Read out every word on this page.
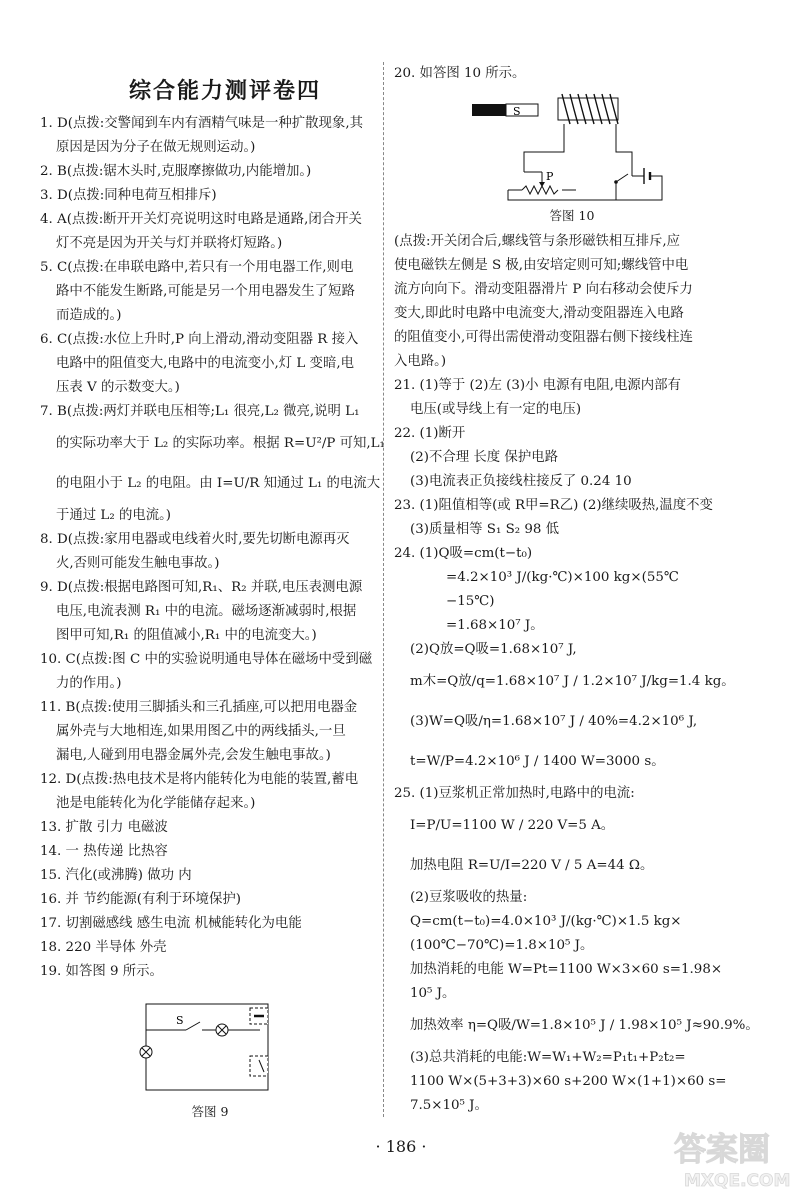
综合能力测评卷四
1. D(点拨:交警闻到车内有酒精气味是一种扩散现象,其
原因是因为分子在做无规则运动。)
2. B(点拨:锯木头时,克服摩擦做功,内能增加。)
3. D(点拨:同种电荷互相排斥)
4. A(点拨:断开开关灯亮说明这时电路是通路,闭合开关
灯不亮是因为开关与灯并联将灯短路。)
5. C(点拨:在串联电路中,若只有一个用电器工作,则电
路中不能发生断路,可能是另一个用电器发生了短路
而造成的。)
6. C(点拨:水位上升时,P 向上滑动,滑动变阻器 R 接入
电路中的阻值变大,电路中的电流变小,灯 L 变暗,电
压表 V 的示数变大。)
7. B(点拨:两灯并联电压相等;L₁ 很亮,L₂ 微亮,说明 L₁
的实际功率大于 L₂ 的实际功率。根据 R=U²/P 可知,L₁
的电阻小于 L₂ 的电阻。由 I=U/R 知通过 L₁ 的电流大
于通过 L₂ 的电流。)
8. D(点拨:家用电器或电线着火时,要先切断电源再灭
火,否则可能发生触电事故。)
9. D(点拨:根据电路图可知,R₁、R₂ 并联,电压表测电源
电压,电流表测 R₁ 中的电流。磁场逐渐减弱时,根据
图甲可知,R₁ 的阻值减小,R₁ 中的电流变大。)
10. C(点拨:图 C 中的实验说明通电导体在磁场中受到磁
力的作用。)
11. B(点拨:使用三脚插头和三孔插座,可以把用电器金
属外壳与大地相连,如果用图乙中的两线插头,一旦
漏电,人碰到用电器金属外壳,会发生触电事故。)
12. D(点拨:热电技术是将内能转化为电能的装置,蓄电
池是电能转化为化学能储存起来。)
13. 扩散 引力 电磁波
14. 一 热传递 比热容
15. 汽化(或沸腾) 做功 内
16. 并 节约能源(有利于环境保护)
17. 切割磁感线 感生电流 机械能转化为电能
18. 220 半导体 外壳
19. 如答图 9 所示。
20. 如答图 10 所示。
S
P
答图 10
(点拨:开关闭合后,螺线管与条形磁铁相互排斥,应
使电磁铁左侧是 S 极,由安培定则可知;螺线管中电
流方向向下。滑动变阻器滑片 P 向右移动会使斥力
变大,即此时电路中电流变大,滑动变阻器连入电路
的阻值变小,可得出需使滑动变阻器右侧下接线柱连
入电路。)
21. (1)等于 (2)左 (3)小 电源有电阻,电源内部有
电压(或导线上有一定的电压)
22. (1)断开
(2)不合理 长度 保护电路
(3)电流表正负接线柱接反了 0.24 10
23. (1)阻值相等(或 R甲=R乙) (2)继续吸热,温度不变
(3)质量相等 S₁ S₂ 98 低
24. (1)Q吸=cm(t−t₀)
=4.2×10³ J/(kg·℃)×100 kg×(55℃
−15℃)
=1.68×10⁷ J。
(2)Q放=Q吸=1.68×10⁷ J,
m木=Q放/q=1.68×10⁷ J / 1.2×10⁷ J/kg=1.4 kg。
(3)W=Q吸/η=1.68×10⁷ J / 40%=4.2×10⁶ J,
t=W/P=4.2×10⁶ J / 1400 W=3000 s。
25. (1)豆浆机正常加热时,电路中的电流:
I=P/U=1100 W / 220 V=5 A。
加热电阻 R=U/I=220 V / 5 A=44 Ω。
(2)豆浆吸收的热量:
Q=cm(t−t₀)=4.0×10³ J/(kg·℃)×1.5 kg×
(100℃−70℃)=1.8×10⁵ J。
加热消耗的电能 W=Pt=1100 W×3×60 s=1.98×
10⁵ J。
加热效率 η=Q吸/W=1.8×10⁵ J / 1.98×10⁵ J≈90.9%。
(3)总共消耗的电能:W=W₁+W₂=P₁t₁+P₂t₂=
1100 W×(5+3+3)×60 s+200 W×(1+1)×60 s=
7.5×10⁵ J。
S
答图 9
· 186 ·	答案圈
MXQE.COM
